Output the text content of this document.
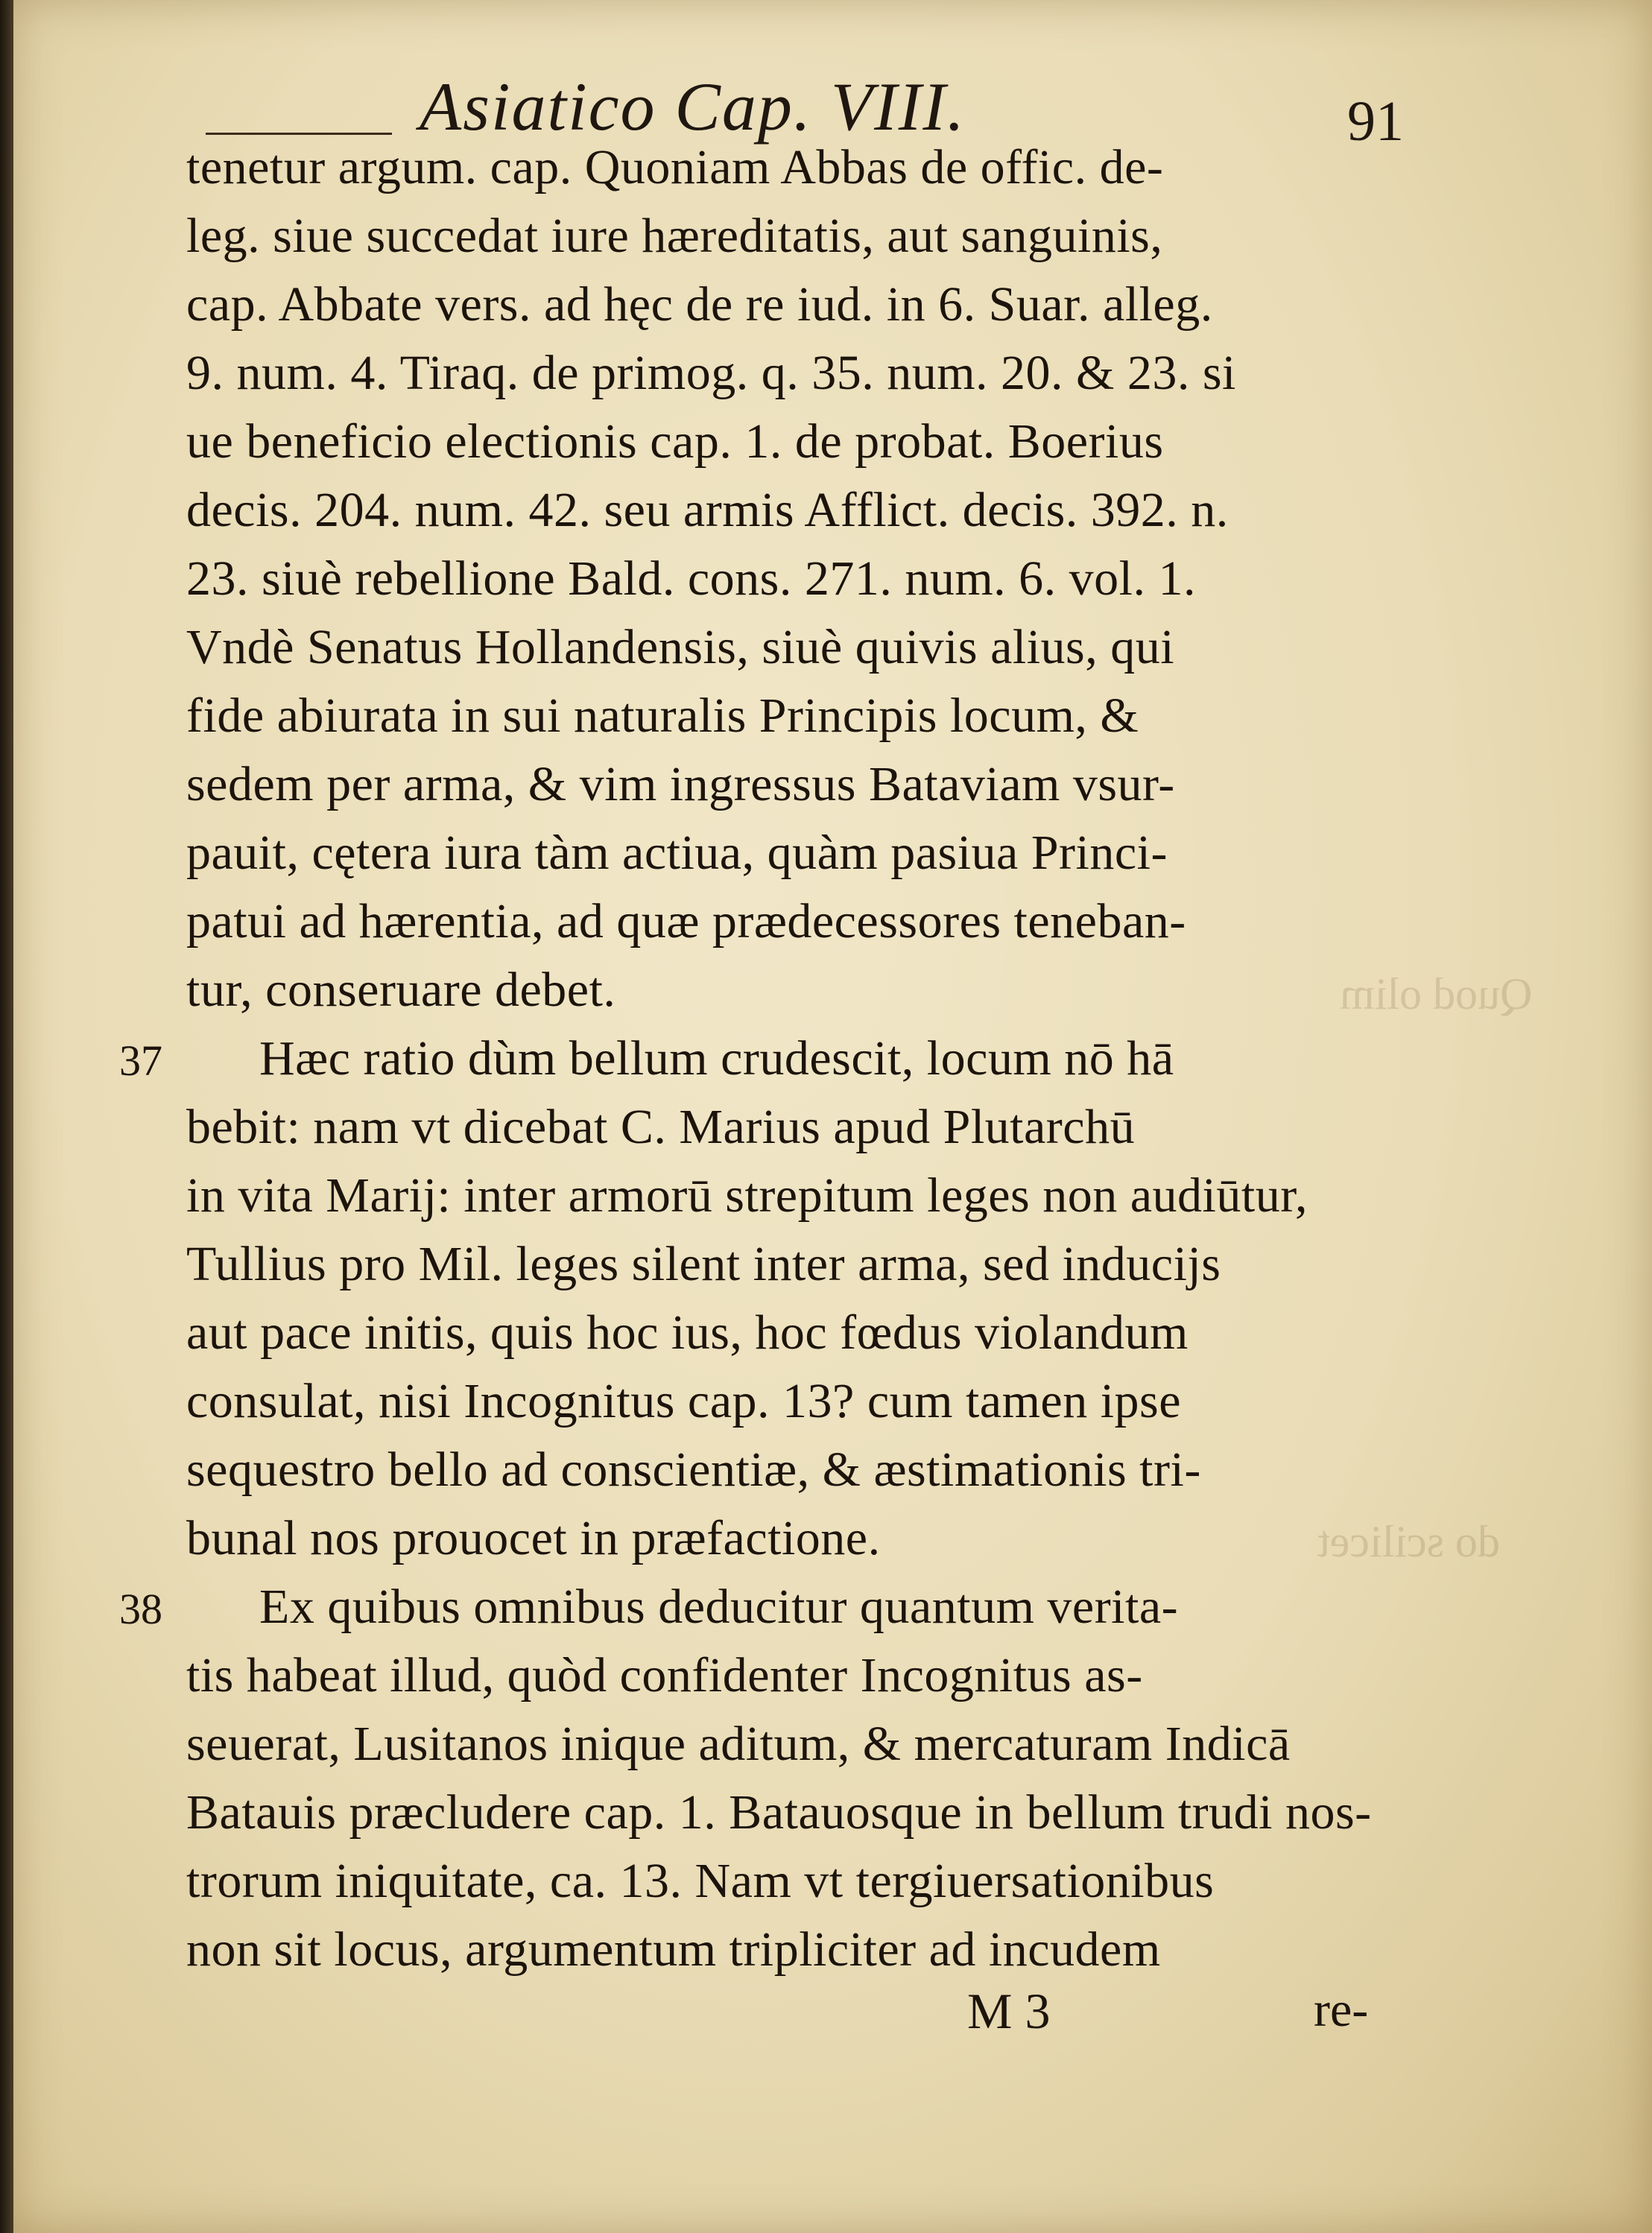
Quod olim
do scilicet
Asiatico Cap. VIII.	91
tenetur argum. cap. Quoniam Abbas de offic. de-
leg. siue succedat iure hæreditatis, aut sanguinis,
cap. Abbate vers. ad hęc de re iud. in 6. Suar. alleg.
9. num. 4. Tiraq. de primog. q. 35. num. 20. & 23. si
ue beneficio electionis cap. 1. de probat. Boerius
decis. 204. num. 42. seu armis Afflict. decis. 392. n.
23. siuè rebellione Bald. cons. 271. num. 6. vol. 1.
Vndè Senatus Hollandensis, siuè quivis alius, qui
fide abiurata in sui naturalis Principis locum, &
sedem per arma, & vim ingressus Bataviam vsur-
pauit, cętera iura tàm actiua, quàm pasiua Princi-
patui ad hærentia, ad quæ prædecessores teneban-
tur, conseruare debet.
37 Hæc ratio dùm bellum crudescit, locum nō hā
bebit: nam vt dicebat C. Marius apud Plutarchū
in vita Marij: inter armorū strepitum leges non audiūtur,
Tullius pro Mil. leges silent inter arma, sed inducijs
aut pace initis, quis hoc ius, hoc fœdus violandum
consulat, nisi Incognitus cap. 13? cum tamen ipse
sequestro bello ad conscientiæ, & æstimationis tri-
bunal nos prouocet in præfactione.
38 Ex quibus omnibus deducitur quantum verita-
tis habeat illud, quòd confidenter Incognitus as-
seuerat, Lusitanos inique aditum, & mercaturam Indicā
Batauis præcludere cap. 1. Batauosque in bellum trudi nos-
trorum iniquitate, ca. 13. Nam vt tergiuersationibus
non sit locus, argumentum tripliciter ad incudem
M 3	re-
